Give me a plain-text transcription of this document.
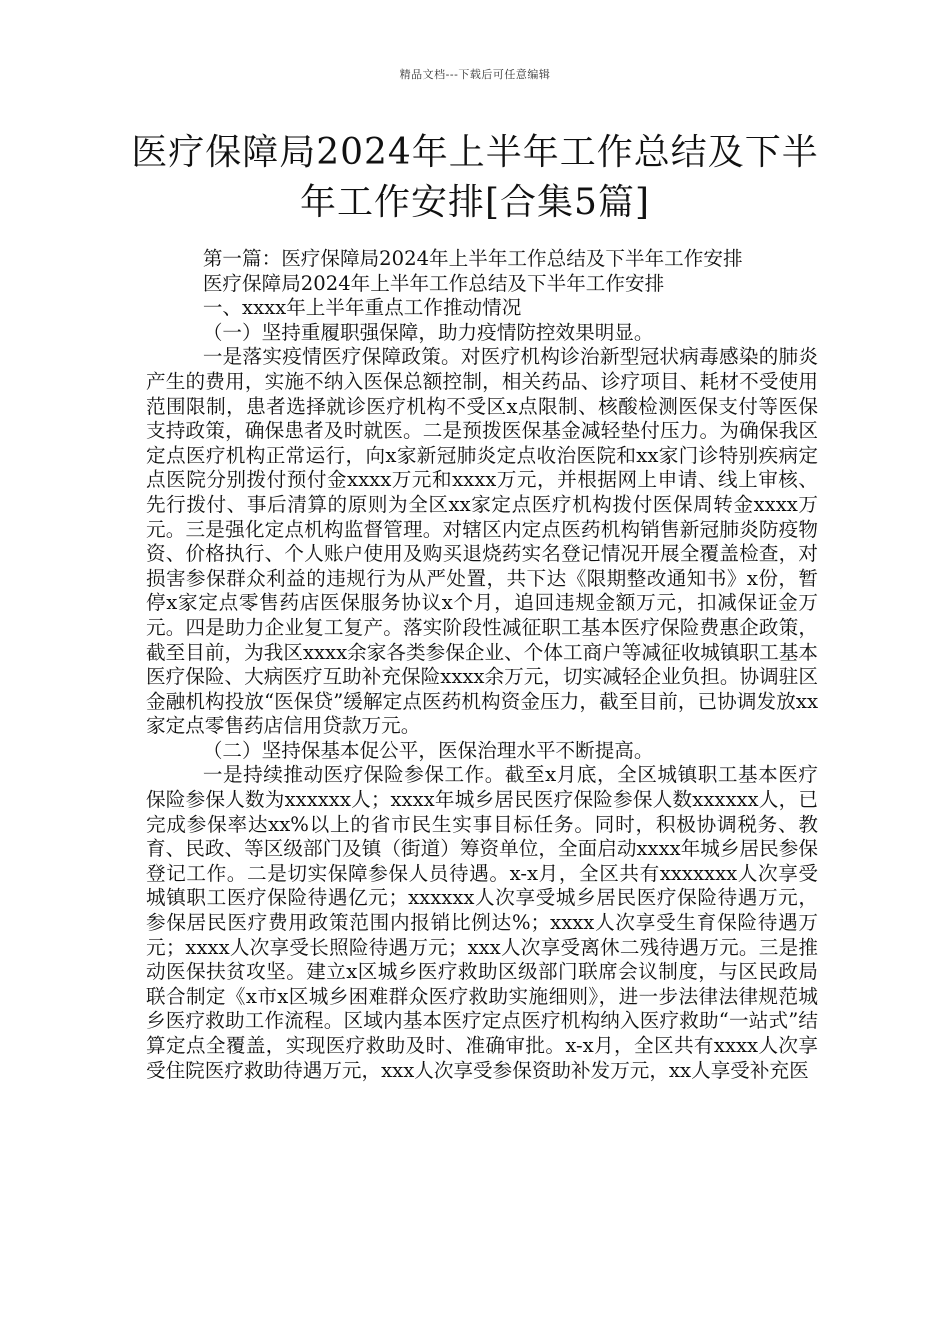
精品文档---下载后可任意编辑
医疗保障局2024年上半年工作总结及下半年工作安排[合集5篇]

第一篇：医疗保障局2024年上半年工作总结及下半年工作安排

医疗保障局2024年上半年工作总结及下半年工作安排

一、xxxx年上半年重点工作推动情况

（一）坚持重履职强保障，助力疫情防控效果明显。

一是落实疫情医疗保障政策。对医疗机构诊治新型冠状病毒感染的肺炎产生的费用，实施不纳入医保总额控制，相关药品、诊疗项目、耗材不受使用范围限制，患者选择就诊医疗机构不受区x点限制、核酸检测医保支付等医保支持政策，确保患者及时就医。二是预拨医保基金减轻垫付压力。为确保我区定点医疗机构正常运行，向x家新冠肺炎定点收治医院和xx家门诊特别疾病定点医院分别拨付预付金xxxx万元和xxxx万元，并根据网上申请、线上审核、先行拨付、事后清算的原则为全区xx家定点医疗机构拨付医保周转金xxxx万元。三是强化定点机构监督管理。对辖区内定点医药机构销售新冠肺炎防疫物资、价格执行、个人账户使用及购买退烧药实名登记情况开展全覆盖检查，对损害参保群众利益的违规行为从严处置，共下达《限期整改通知书》x份，暂停x家定点零售药店医保服务协议x个月，追回违规金额万元，扣减保证金万元。四是助力企业复工复产。落实阶段性减征职工基本医疗保险费惠企政策，截至目前，为我区xxxx余家各类参保企业、个体工商户等减征收城镇职工基本医疗保险、大病医疗互助补充保险xxxx余万元，切实减轻企业负担。协调驻区金融机构投放“医保贷”缓解定点医药机构资金压力，截至目前，已协调发放xx家定点零售药店信用贷款万元。

（二）坚持保基本促公平，医保治理水平不断提高。

一是持续推动医疗保险参保工作。截至x月底，全区城镇职工基本医疗保险参保人数为xxxxxx人；xxxx年城乡居民医疗保险参保人数xxxxxx人，已完成参保率达xx%以上的省市民生实事目标任务。同时，积极协调税务、教育、民政、等区级部门及镇（街道）筹资单位，全面启动xxxx年城乡居民参保登记工作。二是切实保障参保人员待遇。x-x月，全区共有xxxxxxx人次享受城镇职工医疗保险待遇亿元；xxxxxx人次享受城乡居民医疗保险待遇万元，参保居民医疗费用政策范围内报销比例达%；xxxx人次享受生育保险待遇万元；xxxx人次享受长照险待遇万元；xxx人次享受离休二残待遇万元。三是推动医保扶贫攻坚。建立x区城乡医疗救助区级部门联席会议制度，与区民政局联合制定《x市x区城乡困难群众医疗救助实施细则》，进一步法律法律规范城乡医疗救助工作流程。区域内基本医疗定点医疗机构纳入医疗救助“一站式”结算定点全覆盖，实现医疗救助及时、准确审批。x-x月，全区共有xxxx人次享受住院医疗救助待遇万元，xxx人次享受参保资助补发万元，xx人享受补充医
